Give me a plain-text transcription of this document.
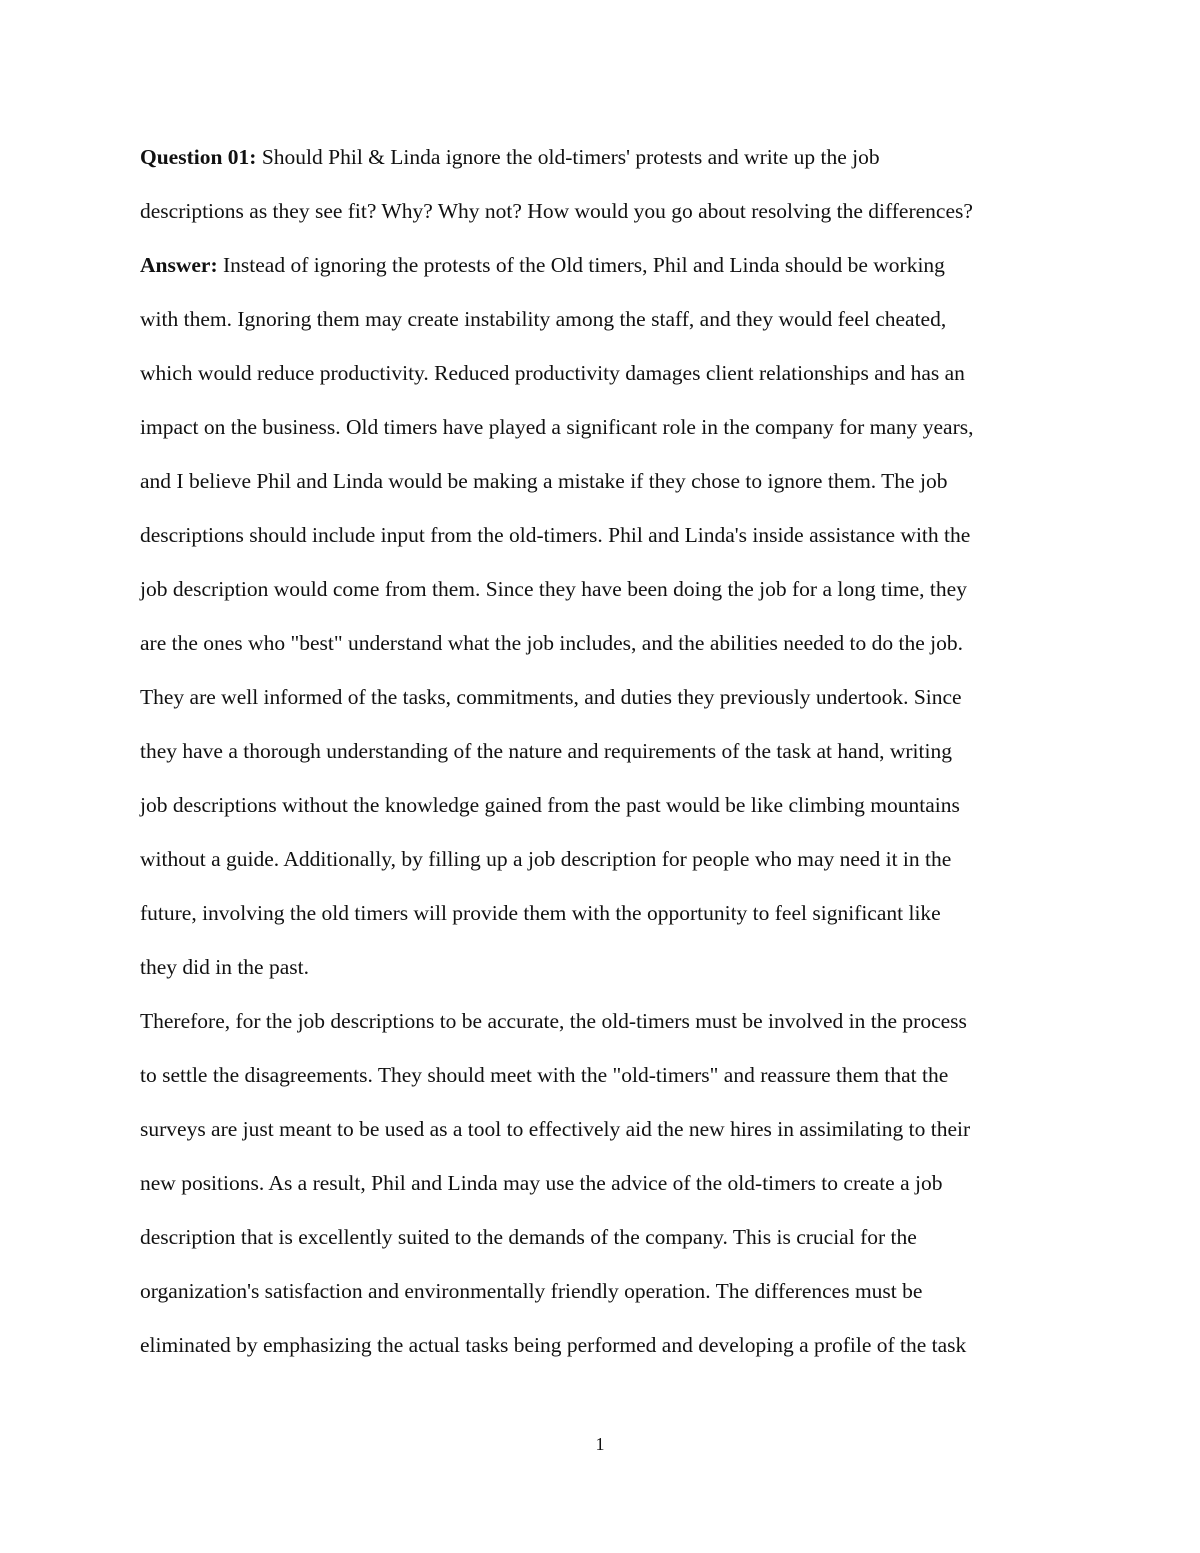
Question 01: Should Phil & Linda ignore the old-timers' protests and write up the job
descriptions as they see fit? Why? Why not? How would you go about resolving the differences?
Answer: Instead of ignoring the protests of the Old timers, Phil and Linda should be working
with them. Ignoring them may create instability among the staff, and they would feel cheated,
which would reduce productivity. Reduced productivity damages client relationships and has an
impact on the business. Old timers have played a significant role in the company for many years,
and I believe Phil and Linda would be making a mistake if they chose to ignore them. The job
descriptions should include input from the old-timers. Phil and Linda's inside assistance with the
job description would come from them. Since they have been doing the job for a long time, they
are the ones who "best" understand what the job includes, and the abilities needed to do the job.
They are well informed of the tasks, commitments, and duties they previously undertook. Since
they have a thorough understanding of the nature and requirements of the task at hand, writing
job descriptions without the knowledge gained from the past would be like climbing mountains
without a guide. Additionally, by filling up a job description for people who may need it in the
future, involving the old timers will provide them with the opportunity to feel significant like
they did in the past.
Therefore, for the job descriptions to be accurate, the old-timers must be involved in the process
to settle the disagreements. They should meet with the "old-timers" and reassure them that the
surveys are just meant to be used as a tool to effectively aid the new hires in assimilating to their
new positions. As a result, Phil and Linda may use the advice of the old-timers to create a job
description that is excellently suited to the demands of the company. This is crucial for the
organization's satisfaction and environmentally friendly operation. The differences must be
eliminated by emphasizing the actual tasks being performed and developing a profile of the task
1
